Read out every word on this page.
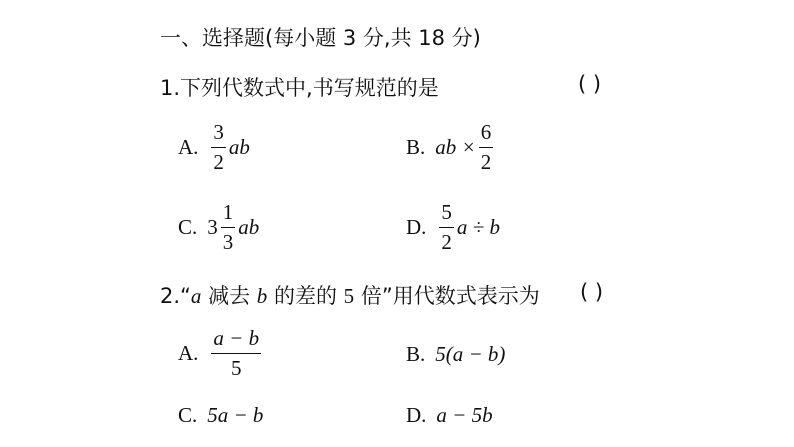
一、选择题(每小题 3 分,共 18 分)
1.下列代数式中,书写规范的是	( )
A. $\frac{3}{2}$ ab	B. ab × $\frac{6}{2}$
C. $3 \frac{1}{3}$ ab	D. $\frac{5}{2}$ a ÷ b
2.“a 减去 b 的差的 5 倍”用代数式表示为 ( )
A. $\frac{a - b}{5}$	B. 5(a − b)
C. 5a − b	D. a − 5b
